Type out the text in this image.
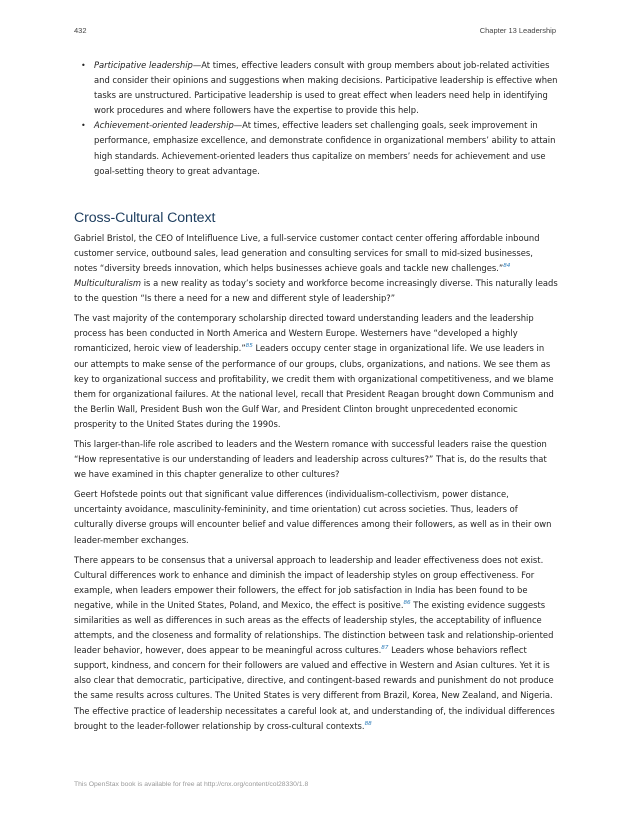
432	Chapter 13 Leadership
• Participative leadership—At times, effective leaders consult with group members about job-related activities and consider their opinions and suggestions when making decisions. Participative leadership is effective when tasks are unstructured. Participative leadership is used to great effect when leaders need help in identifying work procedures and where followers have the expertise to provide this help.
• Achievement-oriented leadership—At times, effective leaders set challenging goals, seek improvement in performance, emphasize excellence, and demonstrate confidence in organizational members’ ability to attain high standards. Achievement-oriented leaders thus capitalize on members’ needs for achievement and use goal-setting theory to great advantage.
Cross-Cultural Context

Gabriel Bristol, the CEO of Intelifluence Live, a full-service customer contact center offering affordable inbound customer service, outbound sales, lead generation and consulting services for small to mid-sized businesses, notes “diversity breeds innovation, which helps businesses achieve goals and tackle new challenges.”$^{84}$
Multiculturalism is a new reality as today’s society and workforce become increasingly diverse. This naturally leads to the question “Is there a need for a new and different style of leadership?”

The vast majority of the contemporary scholarship directed toward understanding leaders and the leadership process has been conducted in North America and Western Europe. Westerners have “developed a highly romanticized, heroic view of leadership.”$^{85}$ Leaders occupy center stage in organizational life. We use leaders in our attempts to make sense of the performance of our groups, clubs, organizations, and nations. We see them as key to organizational success and profitability, we credit them with organizational competitiveness, and we blame them for organizational failures. At the national level, recall that President Reagan brought down Communism and the Berlin Wall, President Bush won the Gulf War, and President Clinton brought unprecedented economic prosperity to the United States during the 1990s.

This larger-than-life role ascribed to leaders and the Western romance with successful leaders raise the question “How representative is our understanding of leaders and leadership across cultures?” That is, do the results that we have examined in this chapter generalize to other cultures?

Geert Hofstede points out that significant value differences (individualism-collectivism, power distance, uncertainty avoidance, masculinity-femininity, and time orientation) cut across societies. Thus, leaders of culturally diverse groups will encounter belief and value differences among their followers, as well as in their own leader-member exchanges.

There appears to be consensus that a universal approach to leadership and leader effectiveness does not exist. Cultural differences work to enhance and diminish the impact of leadership styles on group effectiveness. For example, when leaders empower their followers, the effect for job satisfaction in India has been found to be negative, while in the United States, Poland, and Mexico, the effect is positive.$^{86}$ The existing evidence suggests similarities as well as differences in such areas as the effects of leadership styles, the acceptability of influence attempts, and the closeness and formality of relationships. The distinction between task and relationship-oriented leader behavior, however, does appear to be meaningful across cultures.$^{87}$ Leaders whose behaviors reflect support, kindness, and concern for their followers are valued and effective in Western and Asian cultures. Yet it is also clear that democratic, participative, directive, and contingent-based rewards and punishment do not produce the same results across cultures. The United States is very different from Brazil, Korea, New Zealand, and Nigeria. The effective practice of leadership necessitates a careful look at, and understanding of, the individual differences brought to the leader-follower relationship by cross-cultural contexts.$^{88}$

This OpenStax book is available for free at http://cnx.org/content/col28330/1.8
